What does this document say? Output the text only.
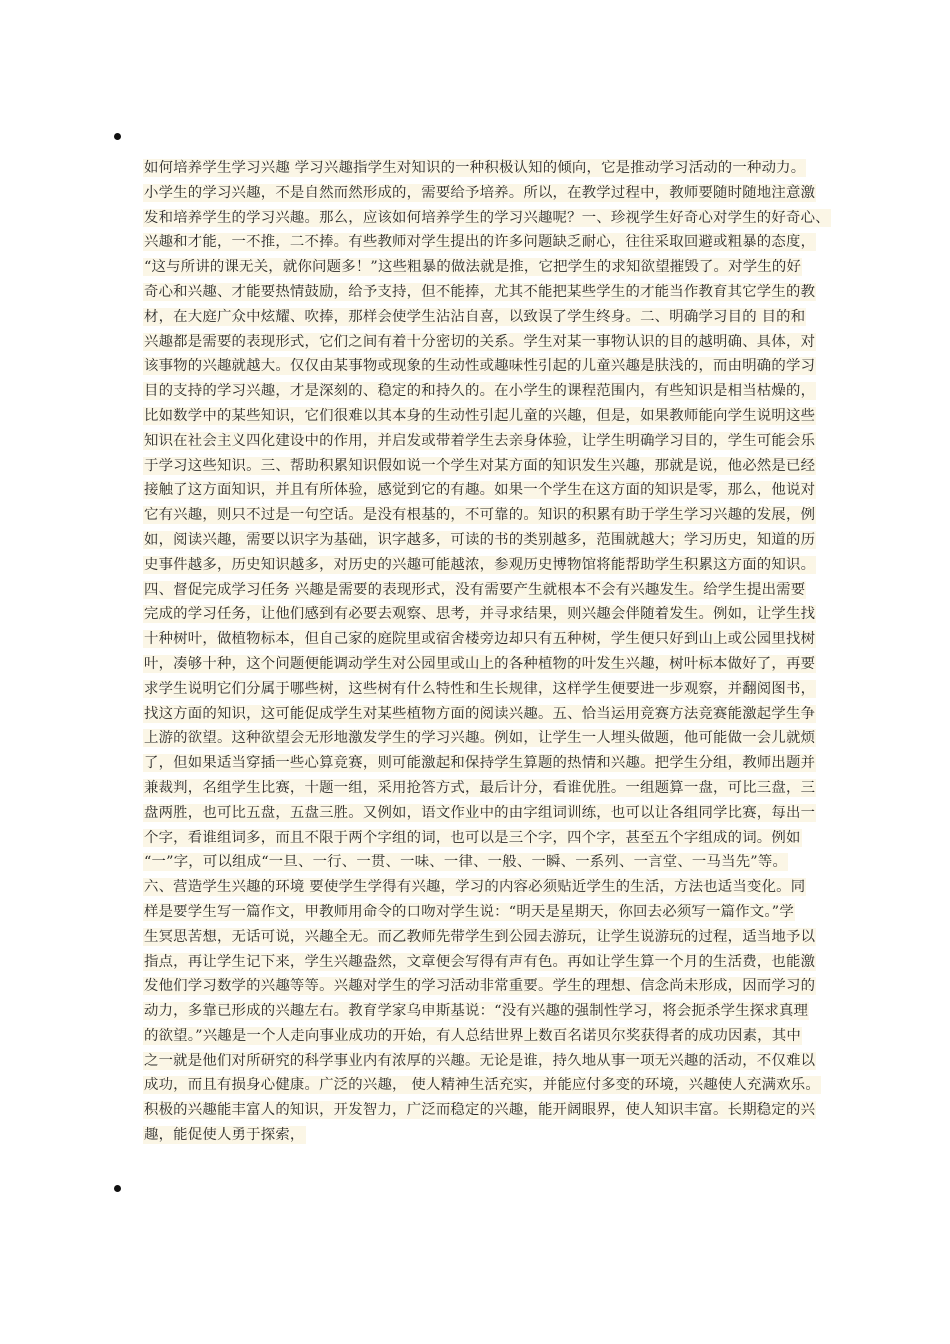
如何培养学生学习兴趣 学习兴趣指学生对知识的一种积极认知的倾向，它是推动学习活动的一种动力。
小学生的学习兴趣，不是自然而然形成的，需要给予培养。所以，在教学过程中，教师要随时随地注意激
发和培养学生的学习兴趣。那么，应该如何培养学生的学习兴趣呢？一、珍视学生好奇心对学生的好奇心、
兴趣和才能，一不推，二不捧。有些教师对学生提出的许多问题缺乏耐心，往往采取回避或粗暴的态度，
“这与所讲的课无关，就你问题多！”这些粗暴的做法就是推，它把学生的求知欲望摧毁了。对学生的好
奇心和兴趣、才能要热情鼓励，给予支持，但不能捧，尤其不能把某些学生的才能当作教育其它学生的教
材，在大庭广众中炫耀、吹捧，那样会使学生沾沾自喜，以致误了学生终身。二、明确学习目的 目的和
兴趣都是需要的表现形式，它们之间有着十分密切的关系。学生对某一事物认识的目的越明确、具体，对
该事物的兴趣就越大。仅仅由某事物或现象的生动性或趣味性引起的儿童兴趣是肤浅的，而由明确的学习
目的支持的学习兴趣，才是深刻的、稳定的和持久的。在小学生的课程范围内，有些知识是相当枯燥的，
比如数学中的某些知识，它们很难以其本身的生动性引起儿童的兴趣，但是，如果教师能向学生说明这些
知识在社会主义四化建设中的作用，并启发或带着学生去亲身体验，让学生明确学习目的，学生可能会乐
于学习这些知识。三、帮助积累知识假如说一个学生对某方面的知识发生兴趣，那就是说，他必然是已经
接触了这方面知识，并且有所体验，感觉到它的有趣。如果一个学生在这方面的知识是零，那么，他说对
它有兴趣，则只不过是一句空话。是没有根基的，不可靠的。知识的积累有助于学生学习兴趣的发展，例
如，阅读兴趣，需要以识字为基础，识字越多，可读的书的类别越多，范围就越大；学习历史，知道的历
史事件越多，历史知识越多，对历史的兴趣可能越浓，参观历史博物馆将能帮助学生积累这方面的知识。
四、督促完成学习任务 兴趣是需要的表现形式，没有需要产生就根本不会有兴趣发生。给学生提出需要
完成的学习任务，让他们感到有必要去观察、思考，并寻求结果，则兴趣会伴随着发生。例如，让学生找
十种树叶，做植物标本，但自己家的庭院里或宿舍楼旁边却只有五种树，学生便只好到山上或公园里找树
叶，凑够十种，这个问题便能调动学生对公园里或山上的各种植物的叶发生兴趣，树叶标本做好了，再要
求学生说明它们分属于哪些树，这些树有什么特性和生长规律，这样学生便要进一步观察，并翻阅图书，
找这方面的知识，这可能促成学生对某些植物方面的阅读兴趣。五、恰当运用竞赛方法竞赛能激起学生争
上游的欲望。这种欲望会无形地激发学生的学习兴趣。例如，让学生一人埋头做题，他可能做一会儿就烦
了，但如果适当穿插一些心算竞赛，则可能激起和保持学生算题的热情和兴趣。把学生分组，教师出题并
兼裁判，名组学生比赛，十题一组，采用抢答方式，最后计分，看谁优胜。一组题算一盘，可比三盘，三
盘两胜，也可比五盘，五盘三胜。又例如，语文作业中的由字组词训练，也可以让各组同学比赛，每出一
个字，看谁组词多，而且不限于两个字组的词，也可以是三个字，四个字，甚至五个字组成的词。例如
“一”字，可以组成“一旦、一行、一贯、一味、一律、一般、一瞬、一系列、一言堂、一马当先”等。
六、营造学生兴趣的环境 要使学生学得有兴趣，学习的内容必须贴近学生的生活，方法也适当变化。同
样是要学生写一篇作文，甲教师用命令的口吻对学生说：“明天是星期天，你回去必须写一篇作文。”学
生冥思苦想，无话可说，兴趣全无。而乙教师先带学生到公园去游玩，让学生说游玩的过程，适当地予以
指点，再让学生记下来，学生兴趣盎然，文章便会写得有声有色。再如让学生算一个月的生活费，也能激
发他们学习数学的兴趣等等。兴趣对学生的学习活动非常重要。学生的理想、信念尚未形成，因而学习的
动力，多靠已形成的兴趣左右。教育学家乌申斯基说：“没有兴趣的强制性学习，将会扼杀学生探求真理
的欲望。”兴趣是一个人走向事业成功的开始，有人总结世界上数百名诺贝尔奖获得者的成功因素，其中
之一就是他们对所研究的科学事业内有浓厚的兴趣。无论是谁，持久地从事一项无兴趣的活动，不仅难以
成功，而且有损身心健康。广泛的兴趣， 使人精神生活充实，并能应付多变的环境，兴趣使人充满欢乐。
积极的兴趣能丰富人的知识，开发智力，广泛而稳定的兴趣，能开阔眼界，使人知识丰富。长期稳定的兴
趣，能促使人勇于探索，
